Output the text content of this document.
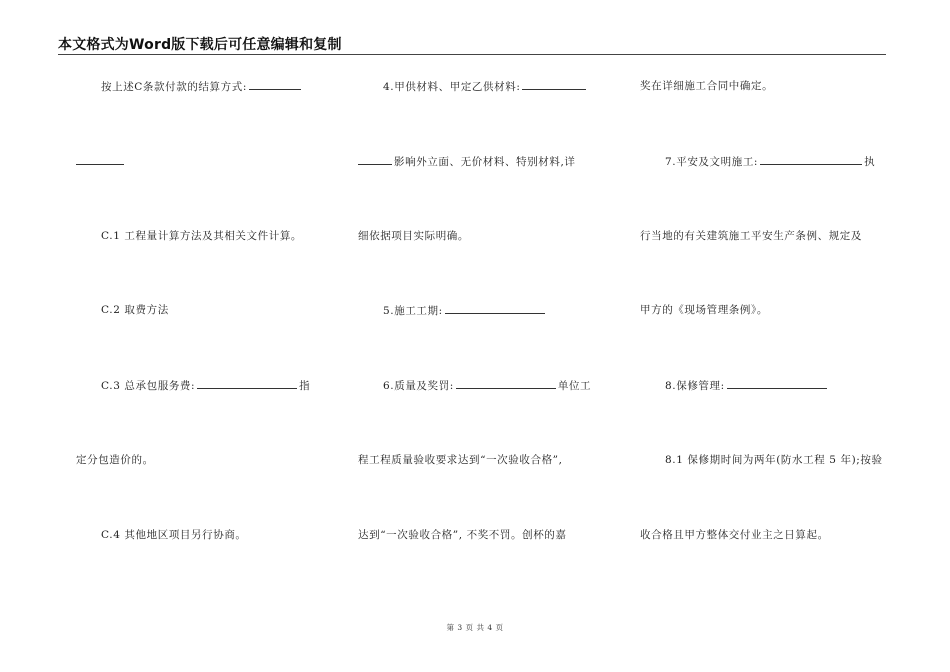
本文格式为Word版下载后可任意编辑和复制
按上述C条款付款的结算方式:
C.1 工程量计算方法及其相关文件计算。
C.2 取费方法
C.3 总承包服务费:	指
定分包造价的。
C.4 其他地区项目另行协商。
4.甲供材料、甲定乙供材料:
影响外立面、无价材料、特别材料,详
细依据项目实际明确。
5.施工工期:
6.质量及奖罚:	单位工
程工程质量验收要求达到“一次验收合格”,
达到“一次验收合格”, 不奖不罚。创杯的嘉
奖在详细施工合同中确定。
7.平安及文明施工:	执
行当地的有关建筑施工平安生产条例、规定及
甲方的《现场管理条例》。
8.保修管理:
8.1 保修期时间为两年(防水工程 5 年);按验
收合格且甲方整体交付业主之日算起。
第 3 页 共 4 页
